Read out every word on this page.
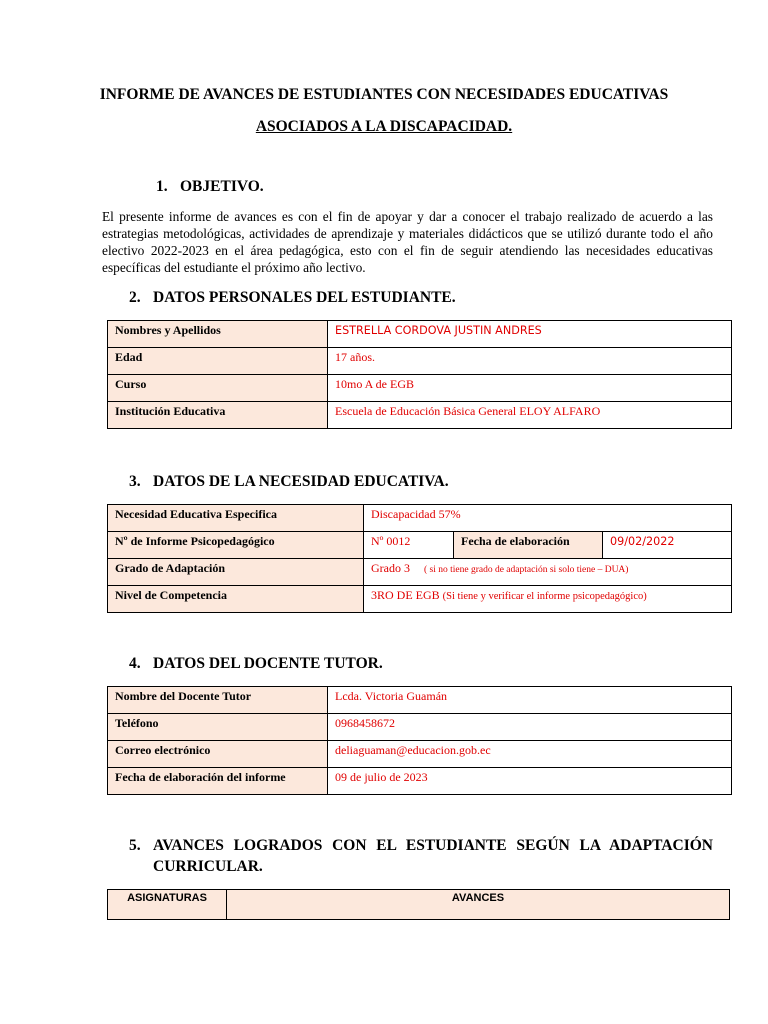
INFORME DE AVANCES DE ESTUDIANTES CON NECESIDADES EDUCATIVAS
ASOCIADOS A LA DISCAPACIDAD.
1. OBJETIVO.
El presente informe de avances es con el fin de apoyar y dar a conocer el trabajo realizado de acuerdo a las estrategias metodológicas, actividades de aprendizaje y materiales didácticos que se utilizó durante todo el año electivo 2022-2023 en el área pedagógica, esto con el fin de seguir atendiendo las necesidades educativas específicas del estudiante el próximo año lectivo.
2. DATOS PERSONALES DEL ESTUDIANTE.
Nombres y Apellidos	ESTRELLA CORDOVA JUSTIN ANDRES
Edad	17 años.
Curso	10mo A de EGB
Institución Educativa	Escuela de Educación Básica General ELOY ALFARO
3. DATOS DE LA NECESIDAD EDUCATIVA.
Necesidad Educativa Especifica	Discapacidad 57%		
Nº de Informe Psicopedagógico	Nº 0012	Fecha de elaboración	09/02/2022
Grado de Adaptación	Grado 3 ( si no tiene grado de adaptación si solo tiene – DUA)		
Nivel de Competencia	3RO DE EGB (Si tiene y verificar el informe psicopedagógico)		
4. DATOS DEL DOCENTE TUTOR.
Nombre del Docente Tutor	Lcda. Victoria Guamán
Teléfono	0968458672
Correo electrónico	deliaguaman@educacion.gob.ec
Fecha de elaboración del informe	09 de julio de 2023
5. AVANCES LOGRADOS CON EL ESTUDIANTE SEGÚN LA ADAPTACIÓN
CURRICULAR.
ASIGNATURAS	AVANCES
